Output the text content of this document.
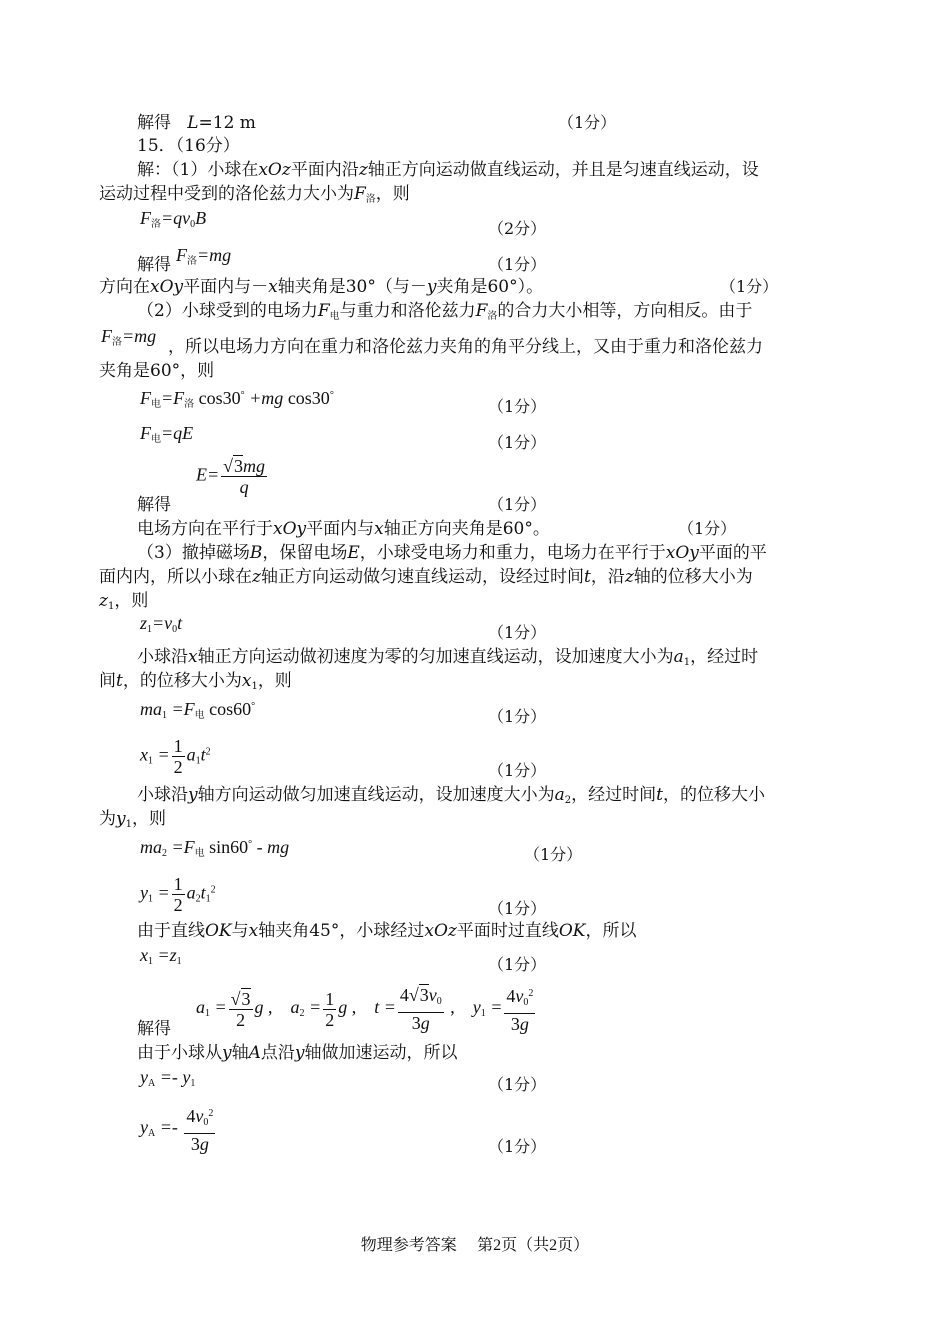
解得   L=12 m	（1分）
15．（16分）
解：（1）小球在xOz平面内沿z轴正方向运动做直线运动，并且是匀速直线运动，设
运动过程中受到的洛伦兹力大小为$F_洛$，则
$F_洛=qv_0B$
（2分）
解得 $F_洛=mg$	（1分）
方向在xOy平面内与－x轴夹角是30°（与－y夹角是60°）。	（1分）
（2）小球受到的电场力$F_电$与重力和洛伦兹力$F_洛$的合力大小相等，方向相反。由于
$F_洛=mg$
，所以电场力方向在重力和洛伦兹力夹角的角平分线上，又由于重力和洛伦兹力
夹角是60°，则
$F_电=F_洛$ cos30° +mg cos30°
（1分）
$F_电=qE$	（1分）
$E= \frac{√3mg}{q}$
解得	（1分）
电场方向在平行于xOy平面内与x轴正方向夹角是60°。	（1分）
（3）撤掉磁场B，保留电场E，小球受电场力和重力，电场力在平行于xOy平面的平
面内内，所以小球在z轴正方向运动做匀速直线运动，设经过时间t，沿z轴的位移大小为
$z_1$，则
$z_1=v_0t$	（1分）
小球沿x轴正方向运动做初速度为零的匀加速直线运动，设加速度大小为$a_1$，经过时
间t，的位移大小为$x_1$，则
$ma_1 =F_电$ cos60°
（1分）
$x_1 = \frac{1}{2} a_1t^2$
（1分）
小球沿y轴方向运动做匀加速直线运动，设加速度大小为$a_2$，经过时间t，的位移大小
为$y_1$，则
$ma_2 =F_电$ sin60° - mg	（1分）
$y_1 = \frac{1}{2} a_2t_1^2$
（1分）
由于直线OK与x轴夹角45°，小球经过xOz平面时过直线OK，所以
$x_1 =z_1$	（1分）
解得
$a_1 = \frac{√3}{2}$ g ,    $a_2 = \frac{1}{2}$ g ,    $t = \frac{4√3v_0}{3g}$ ,    $y_1 = \frac{4v_0^2}{3g}$
由于小球从y轴A点沿y轴做加速运动，所以
$y_A =- y_1$	（1分）
$y_A =- \frac{4v_0^2}{3g}$	（1分）
物理参考答案    第2页（共2页）
